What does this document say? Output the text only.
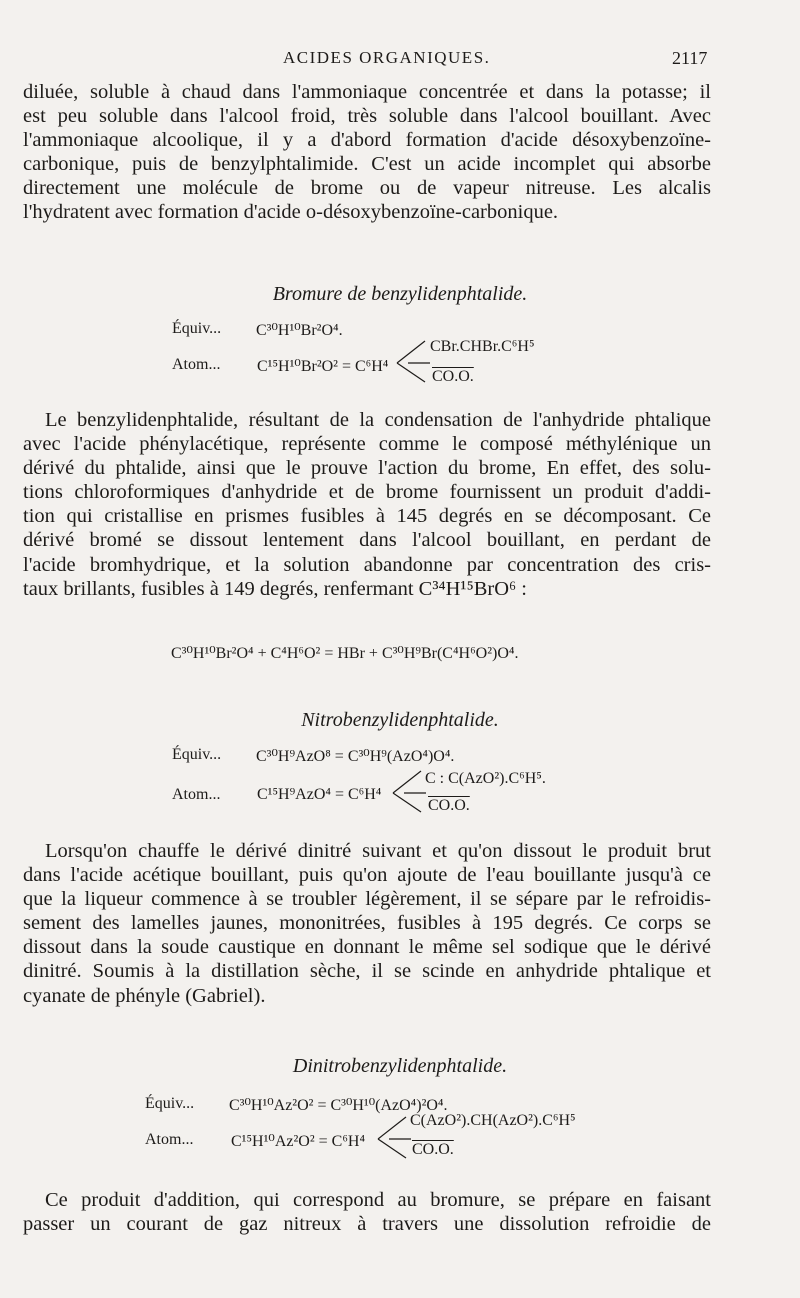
ACIDES ORGANIQUES.	2117
diluée, soluble à chaud dans l'ammoniaque concentrée et dans la potasse; il
est peu soluble dans l'alcool froid, très soluble dans l'alcool bouillant. Avec
l'ammoniaque alcoolique, il y a d'abord formation d'acide désoxybenzoïne-
carbonique, puis de benzylphtalimide. C'est un acide incomplet qui absorbe
directement une molécule de brome ou de vapeur nitreuse. Les alcalis
l'hydratent avec formation d'acide o-désoxybenzoïne-carbonique.
Bromure de benzylidenphtalide.
Équiv... C³⁰H¹⁰Br²O⁴.
Atom... C¹⁵H¹⁰Br²O² = C⁶H⁴
CBr.CHBr.C⁶H⁵
CO.O.
Le benzylidenphtalide, résultant de la condensation de l'anhydride phtalique
avec l'acide phénylacétique, représente comme le composé méthylénique un
dérivé du phtalide, ainsi que le prouve l'action du brome, En effet, des solu-
tions chloroformiques d'anhydride et de brome fournissent un produit d'addi-
tion qui cristallise en prismes fusibles à 145 degrés en se décomposant. Ce
dérivé bromé se dissout lentement dans l'alcool bouillant, en perdant de
l'acide bromhydrique, et la solution abandonne par concentration des cris-
taux brillants, fusibles à 149 degrés, renfermant C³⁴H¹⁵BrO⁶ :
C³⁰H¹⁰Br²O⁴ + C⁴H⁶O² = HBr + C³⁰H⁹Br(C⁴H⁶O²)O⁴.
Nitrobenzylidenphtalide.
Équiv... C³⁰H⁹AzO⁸ = C³⁰H⁹(AzO⁴)O⁴.
Atom... C¹⁵H⁹AzO⁴ = C⁶H⁴
C : C(AzO²).C⁶H⁵.
CO.O.
Lorsqu'on chauffe le dérivé dinitré suivant et qu'on dissout le produit brut
dans l'acide acétique bouillant, puis qu'on ajoute de l'eau bouillante jusqu'à ce
que la liqueur commence à se troubler légèrement, il se sépare par le refroidis-
sement des lamelles jaunes, mononitrées, fusibles à 195 degrés. Ce corps se
dissout dans la soude caustique en donnant le même sel sodique que le dérivé
dinitré. Soumis à la distillation sèche, il se scinde en anhydride phtalique et
cyanate de phényle (Gabriel).
Dinitrobenzylidenphtalide.
Équiv... C³⁰H¹⁰Az²O² = C³⁰H¹⁰(AzO⁴)²O⁴.
Atom... C¹⁵H¹⁰Az²O² = C⁶H⁴
C(AzO²).CH(AzO²).C⁶H⁵
CO.O.
Ce produit d'addition, qui correspond au bromure, se prépare en faisant
passer un courant de gaz nitreux à travers une dissolution refroidie de
